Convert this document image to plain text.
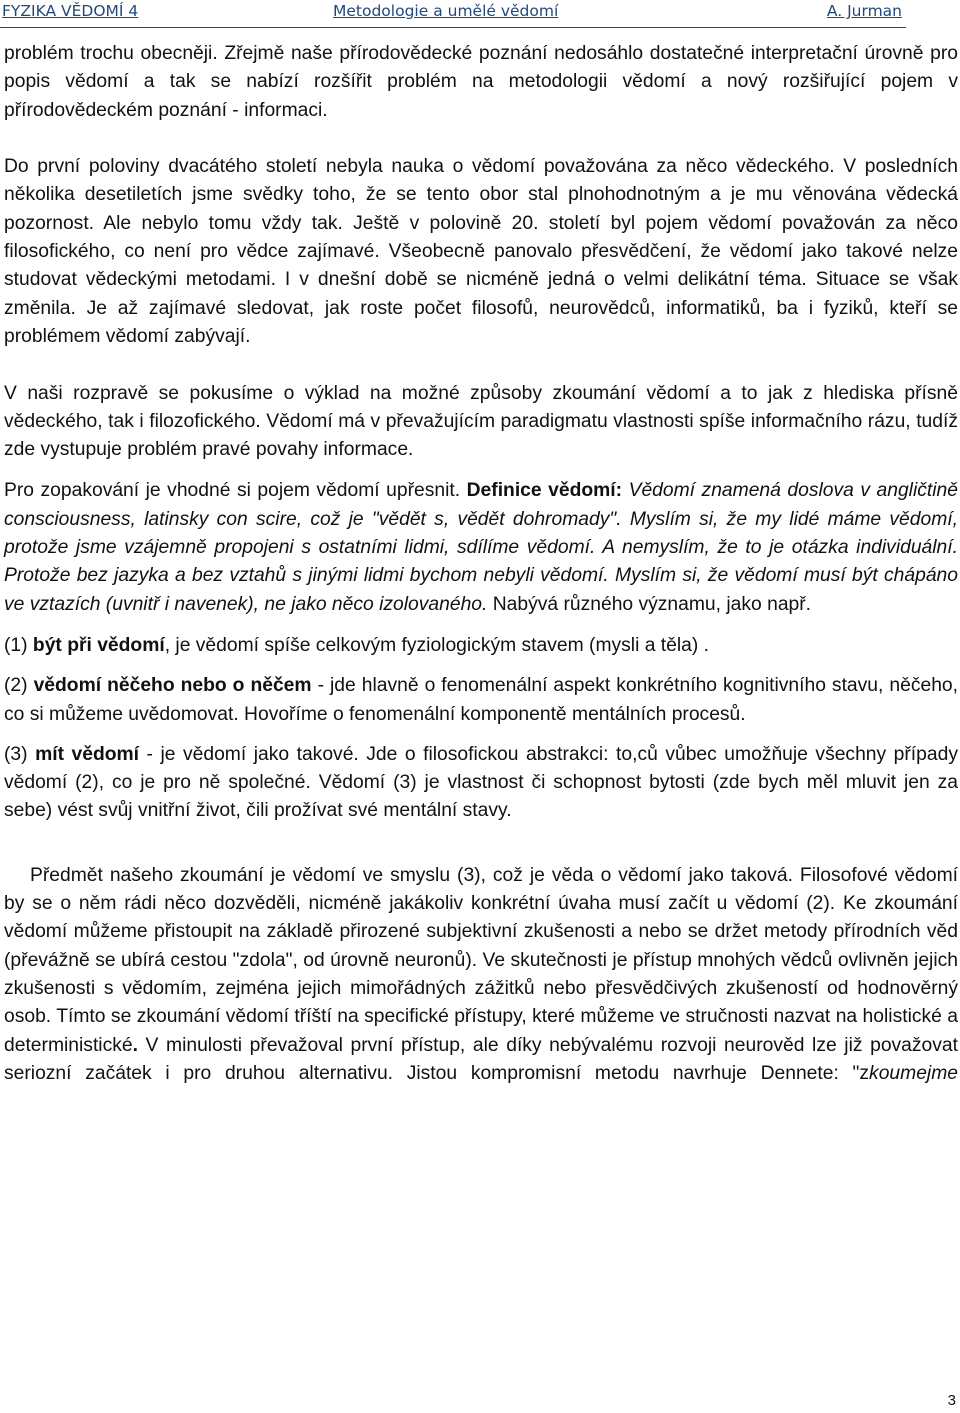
FYZIKA VĚDOMÍ 4	Metodologie a umělé vědomí	A. Jurman

problém trochu obecněji. Zřejmě naše přírodovědecké poznání nedosáhlo dostatečné interpretační úrovně pro popis vědomí a tak se nabízí rozšířit problém na metodologii vědomí a nový rozšiřující pojem v přírodovědeckém poznání - informaci.

Do první poloviny dvacátého století nebyla nauka o vědomí považována za něco vědeckého. V posledních několika desetiletích jsme svědky toho, že se tento obor stal plnohodnotným a je mu věnována vědecká pozornost. Ale nebylo tomu vždy tak. Ještě v polovině 20. století byl pojem vědomí považován za něco filosofického, co není pro vědce zajímavé. Všeobecně panovalo přesvědčení, že vědomí jako takové nelze studovat vědeckými metodami. I v dnešní době se nicméně jedná o velmi delikátní téma. Situace se však změnila. Je až zajímavé sledovat, jak roste počet filosofů, neurovědců, informatiků, ba i fyziků, kteří se problémem vědomí zabývají.

V naši rozpravě se pokusíme o výklad na možné způsoby zkoumání vědomí a to jak z hlediska přísně vědeckého, tak i filozofického. Vědomí má v převažujícím paradigmatu vlastnosti spíše informačního rázu, tudíž zde vystupuje problém pravé povahy informace.

Pro zopakování je vhodné si pojem vědomí upřesnit. Definice vědomí: Vědomí znamená doslova v angličtině consciousness, latinsky con scire, což je "vědět s, vědět dohromady". Myslím si, že my lidé máme vědomí, protože jsme vzájemně propojeni s ostatními lidmi, sdílíme vědomí. A nemyslím, že to je otázka individuální. Protože bez jazyka a bez vztahů s jinými lidmi bychom nebyli vědomí. Myslím si, že vědomí musí být chápáno ve vztazích (uvnitř i navenek), ne jako něco izolovaného. Nabývá různého významu, jako např.

(1) být při vědomí, je vědomí spíše celkovým fyziologickým stavem (mysli a těla) .

(2) vědomí něčeho nebo o něčem - jde hlavně o fenomenální aspekt konkrétního kognitivního stavu, něčeho, co si můžeme uvědomovat. Hovoříme o fenomenální komponentě mentálních procesů.

(3) mít vědomí - je vědomí jako takové. Jde o filosofickou abstrakci: to,ců vůbec umožňuje všechny případy vědomí (2), co je pro ně společné. Vědomí (3) je vlastnost či schopnost bytosti (zde bych měl mluvit jen za sebe) vést svůj vnitřní život, čili prožívat své mentální stavy.

Předmět našeho zkoumání je vědomí ve smyslu (3), což je věda o vědomí jako taková. Filosofové vědomí by se o něm rádi něco dozvěděli, nicméně jakákoliv konkrétní úvaha musí začít u vědomí (2). Ke zkoumání vědomí můžeme přistoupit na základě přirozené subjektivní zkušenosti a nebo se držet metody přírodních věd (převážně se ubírá cestou "zdola", od úrovně neuronů). Ve skutečnosti je přístup mnohých vědců ovlivněn jejich zkušenosti s vědomím, zejména jejich mimořádných zážitků nebo přesvědčivých zkušeností od hodnověrný osob. Tímto se zkoumání vědomí tříští na specifické přístupy, které můžeme ve stručnosti nazvat na holistické a deterministické. V minulosti převažoval první přístup, ale díky nebývalému rozvoji neurověd lze již považovat seriozní začátek i pro druhou alternativu. Jistou kompromisní metodu navrhuje Dennete: "zkoumejme

3
